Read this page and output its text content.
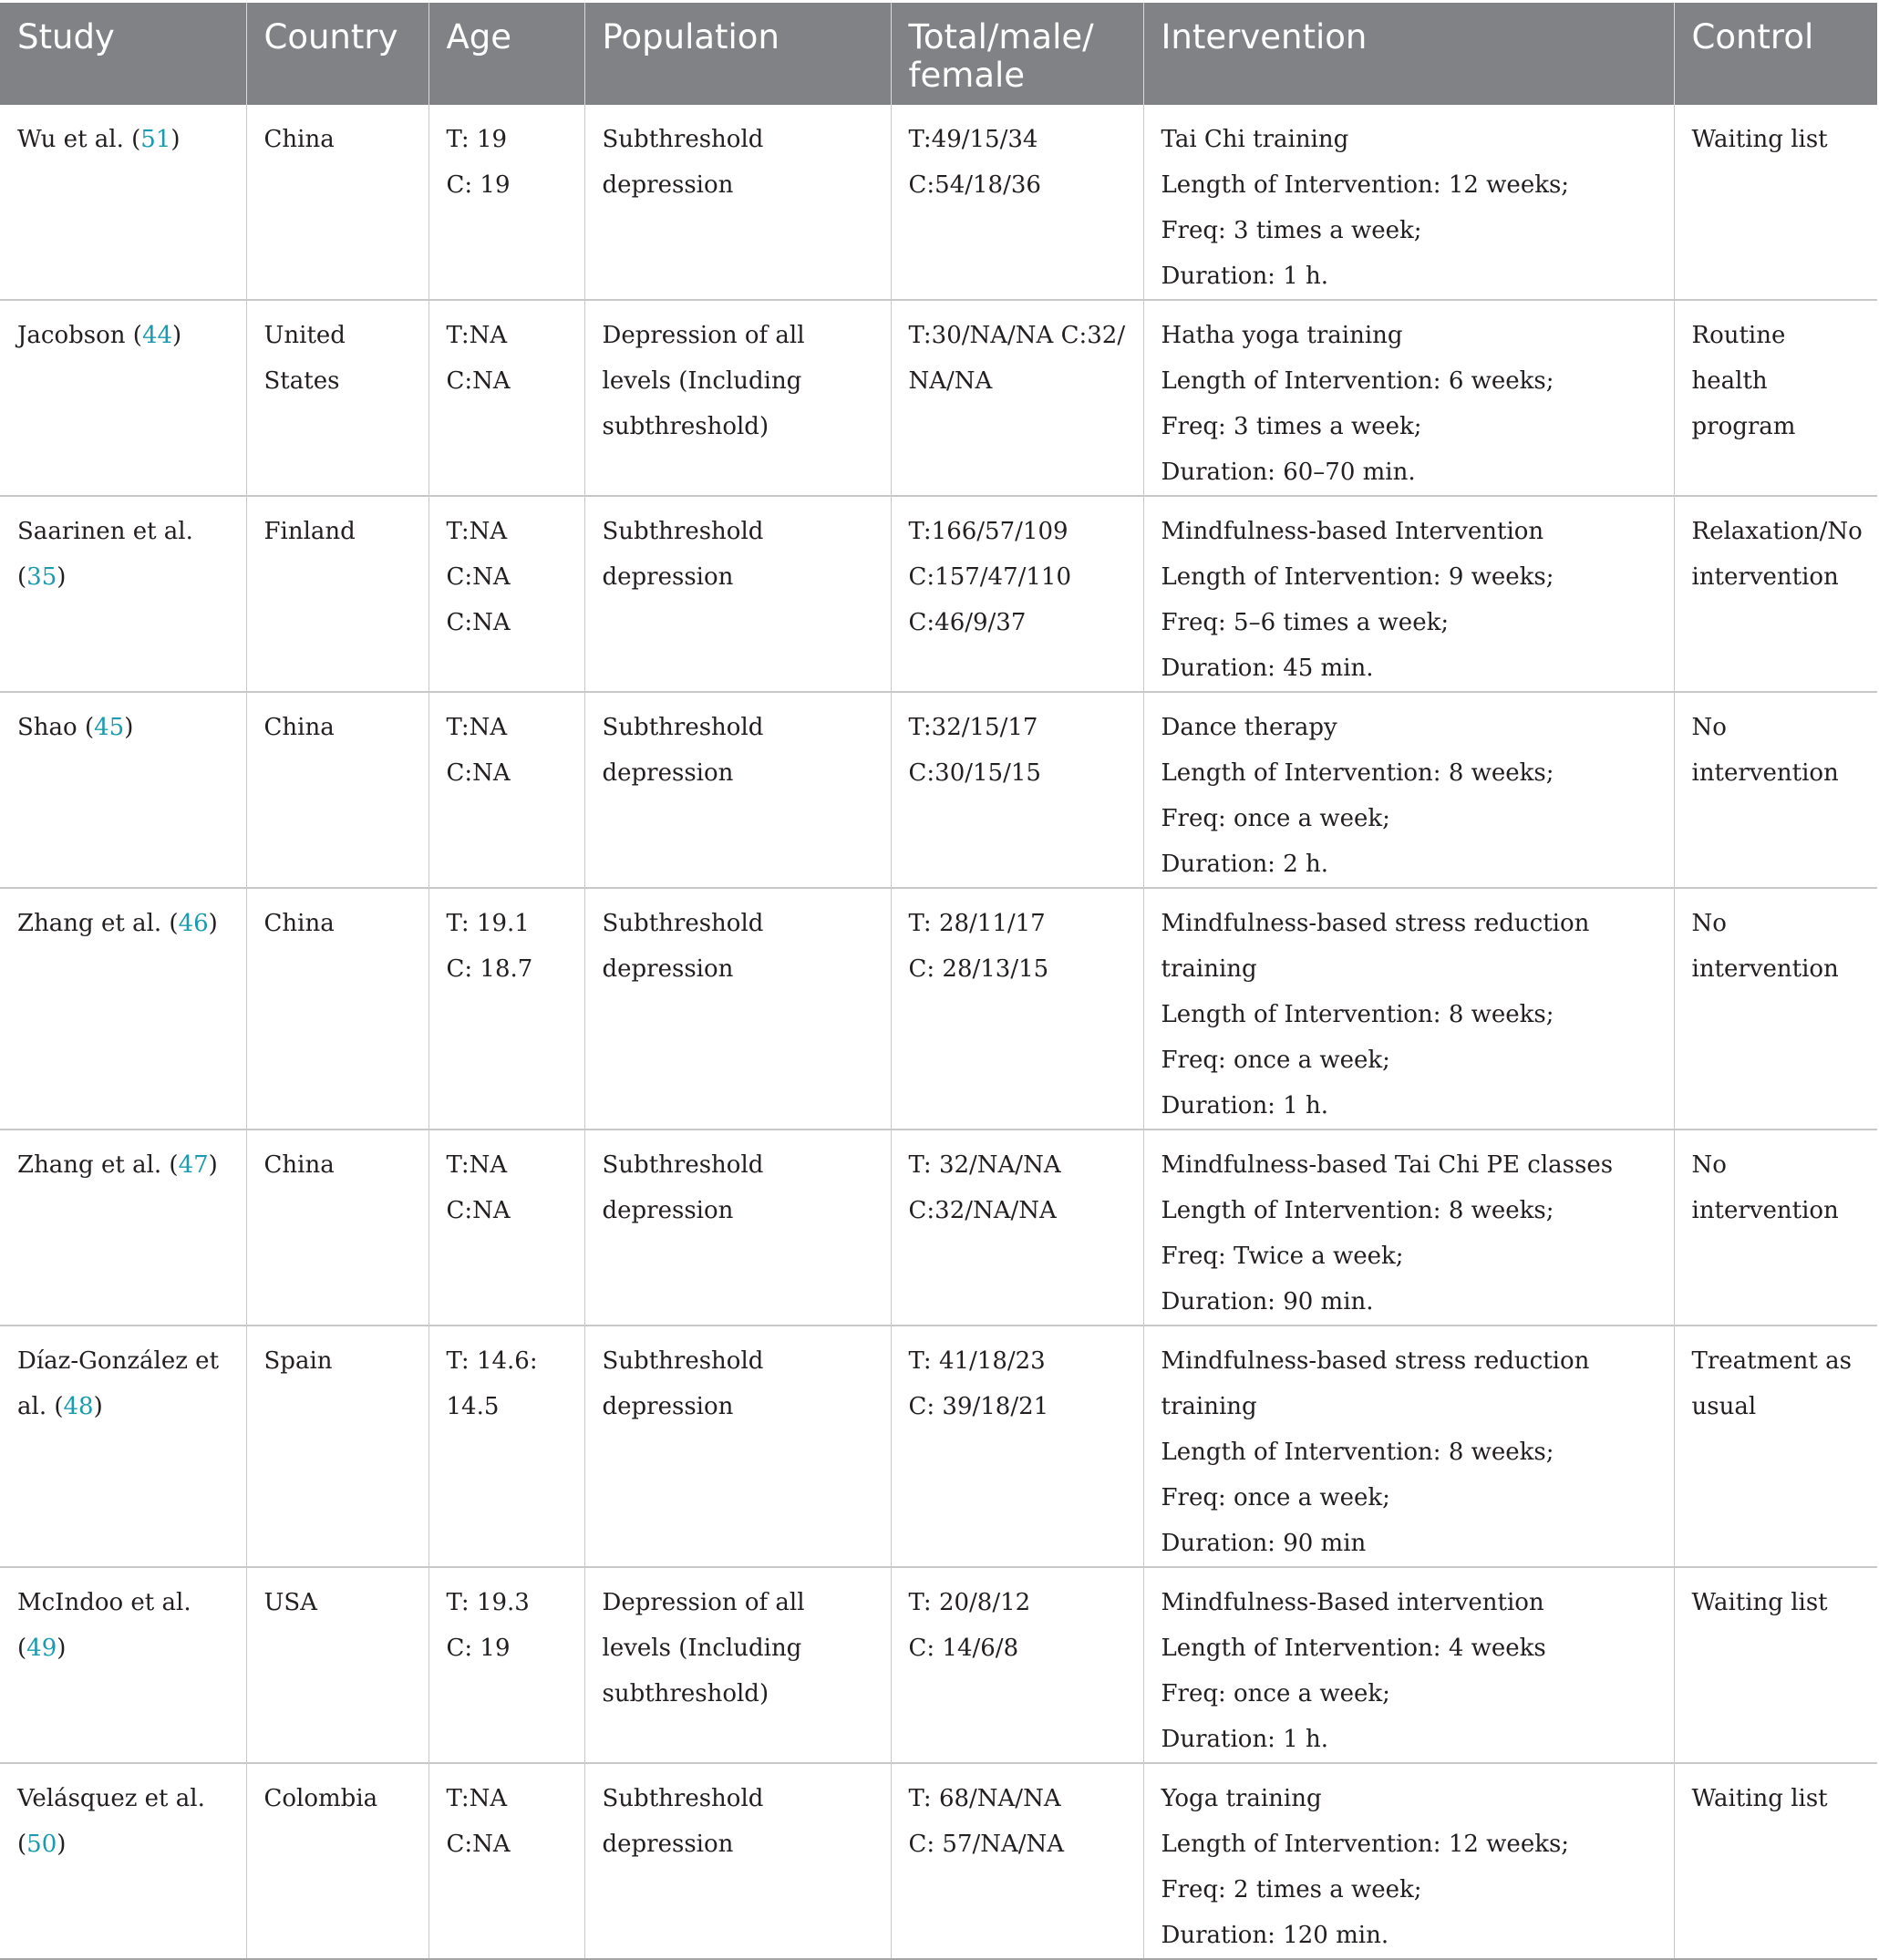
Study	Country	Age	Population	Total/male/
female	Intervention	Control
Wu et al. (51)	China	T: 19
C: 19	Subthreshold depression	T:49/15/34
C:54/18/36	Tai Chi training
Length of Intervention: 12 weeks;
Freq: 3 times a week;
Duration: 1 h.	Waiting list
Jacobson (44)	United States	T:NA
C:NA	Depression of all levels (Including subthreshold)	T:30/NA/NA C:32/
NA/NA	Hatha yoga training
Length of Intervention: 6 weeks;
Freq: 3 times a week;
Duration: 60–70 min.	Routine health program
Saarinen et al. (35)	Finland	T:NA
C:NA
C:NA	Subthreshold depression	T:166/57/109
C:157/47/110
C:46/9/37	Mindfulness-based Intervention
Length of Intervention: 9 weeks;
Freq: 5–6 times a week;
Duration: 45 min.	Relaxation/No intervention
Shao (45)	China	T:NA
C:NA	Subthreshold depression	T:32/15/17
C:30/15/15	Dance therapy
Length of Intervention: 8 weeks;
Freq: once a week;
Duration: 2 h.	No intervention
Zhang et al. (46)	China	T: 19.1
C: 18.7	Subthreshold depression	T: 28/11/17
C: 28/13/15	Mindfulness-based stress reduction training
Length of Intervention: 8 weeks;
Freq: once a week;
Duration: 1 h.	No intervention
Zhang et al. (47)	China	T:NA
C:NA	Subthreshold depression	T: 32/NA/NA
C:32/NA/NA	Mindfulness-based Tai Chi PE classes
Length of Intervention: 8 weeks;
Freq: Twice a week;
Duration: 90 min.	No intervention
Díaz-González et al. (48)	Spain	T: 14.6:
14.5	Subthreshold depression	T: 41/18/23
C: 39/18/21	Mindfulness-based stress reduction training
Length of Intervention: 8 weeks;
Freq: once a week;
Duration: 90 min	Treatment as usual
McIndoo et al. (49)	USA	T: 19.3
C: 19	Depression of all levels (Including subthreshold)	T: 20/8/12
C: 14/6/8	Mindfulness-Based intervention
Length of Intervention: 4 weeks
Freq: once a week;
Duration: 1 h.	Waiting list
Velásquez et al. (50)	Colombia	T:NA
C:NA	Subthreshold depression	T: 68/NA/NA
C: 57/NA/NA	Yoga training
Length of Intervention: 12 weeks;
Freq: 2 times a week;
Duration: 120 min.	Waiting list
